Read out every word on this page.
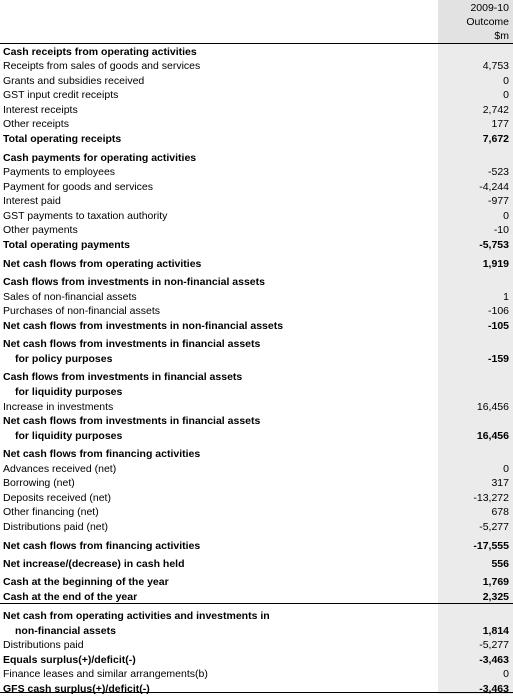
2009-10
Outcome
$m
Cash receipts from operating activities
Receipts from sales of goods and services	4,753
Grants and subsidies received	0
GST input credit receipts	0
Interest receipts	2,742
Other receipts	177
Total operating receipts	7,672
Cash payments for operating activities
Payments to employees	-523
Payment for goods and services	-4,244
Interest paid	-977
GST payments to taxation authority	0
Other payments	-10
Total operating payments	-5,753
Net cash flows from operating activities	1,919
Cash flows from investments in non-financial assets
Sales of non-financial assets	1
Purchases of non-financial assets	-106
Net cash flows from investments in non-financial assets	-105
Net cash flows from investments in financial assets
for policy purposes	-159
Cash flows from investments in financial assets
for liquidity purposes
Increase in investments	16,456
Net cash flows from investments in financial assets
for liquidity purposes	16,456
Net cash flows from financing activities
Advances received (net)	0
Borrowing (net)	317
Deposits received (net)	-13,272
Other financing (net)	678
Distributions paid (net)	-5,277
Net cash flows from financing activities	-17,555
Net increase/(decrease) in cash held	556
Cash at the beginning of the year	1,769
Cash at the end of the year	2,325
Net cash from operating activities and investments in
non-financial assets	1,814
Distributions paid	-5,277
Equals surplus(+)/deficit(-)	-3,463
Finance leases and similar arrangements(b)	0
GFS cash surplus(+)/deficit(-)	-3,463
